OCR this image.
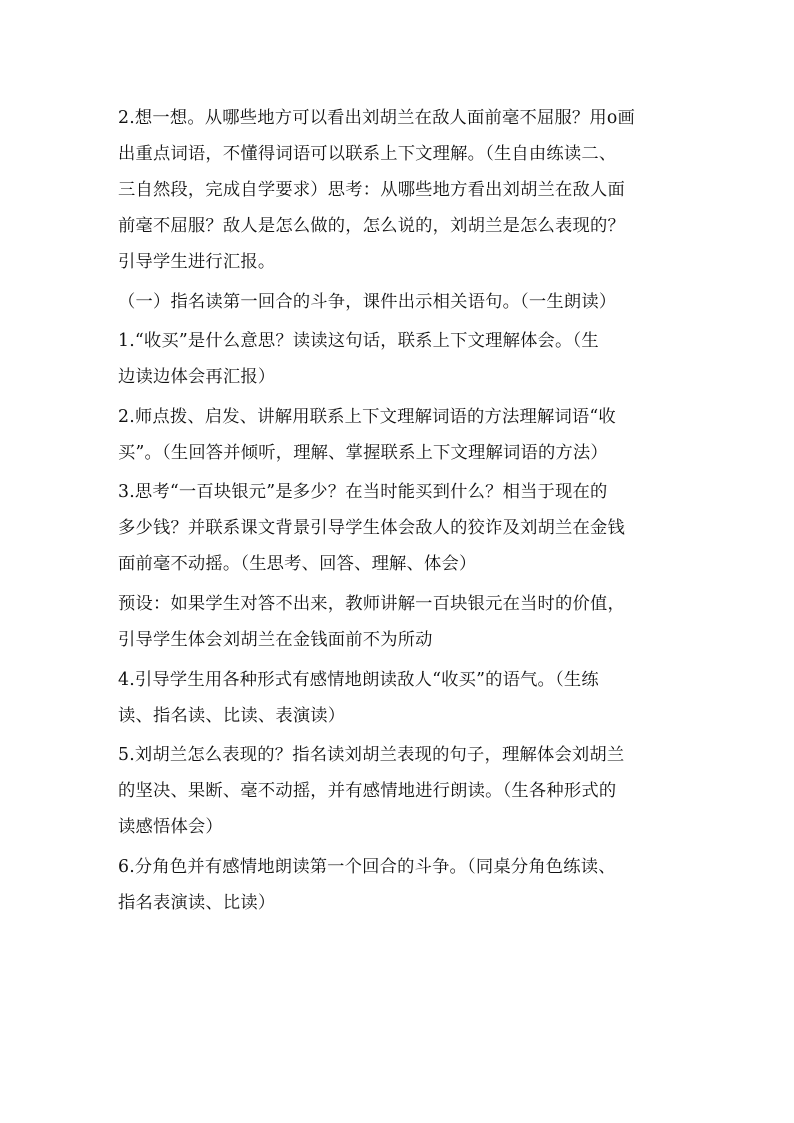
2.想一想。从哪些地方可以看出刘胡兰在敌人面前毫不屈服？用o画
出重点词语，不懂得词语可以联系上下文理解。（生自由练读二、
三自然段，完成自学要求）思考：从哪些地方看出刘胡兰在敌人面
前毫不屈服？敌人是怎么做的，怎么说的，刘胡兰是怎么表现的？
引导学生进行汇报。
（一）指名读第一回合的斗争，课件出示相关语句。（一生朗读）
1.“收买”是什么意思？读读这句话，联系上下文理解体会。（生
边读边体会再汇报）
2.师点拨、启发、讲解用联系上下文理解词语的方法理解词语“收
买”。（生回答并倾听，理解、掌握联系上下文理解词语的方法）
3.思考“一百块银元”是多少？在当时能买到什么？相当于现在的
多少钱？并联系课文背景引导学生体会敌人的狡诈及刘胡兰在金钱
面前毫不动摇。（生思考、回答、理解、体会）
预设：如果学生对答不出来，教师讲解一百块银元在当时的价值，
引导学生体会刘胡兰在金钱面前不为所动
4.引导学生用各种形式有感情地朗读敌人“收买”的语气。（生练
读、指名读、比读、表演读）
5.刘胡兰怎么表现的？指名读刘胡兰表现的句子，理解体会刘胡兰
的坚决、果断、毫不动摇，并有感情地进行朗读。（生各种形式的
读感悟体会）
6.分角色并有感情地朗读第一个回合的斗争。（同桌分角色练读、
指名表演读、比读）
